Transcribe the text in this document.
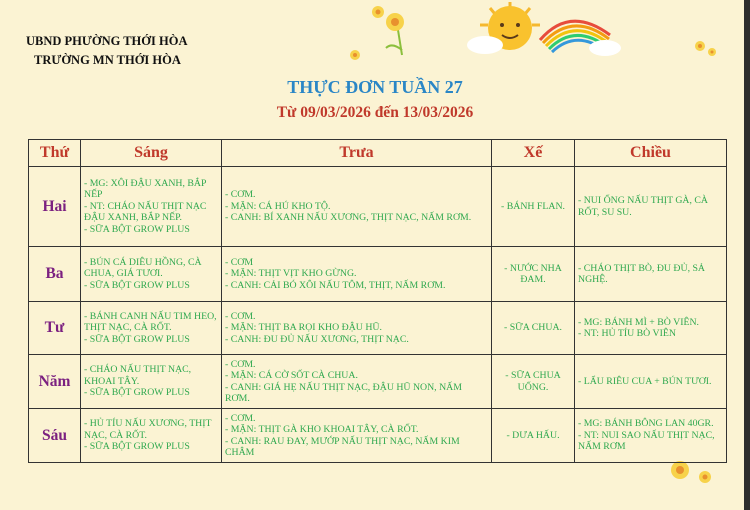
UBND PHƯỜNG THỚI HÒA
TRƯỜNG MN THỚI HÒA
THỰC ĐƠN TUẦN 27
Từ 09/03/2026 đến 13/03/2026
Thứ	Sáng	Trưa	Xế	Chiều
Hai	- MG: XÔI ĐẬU XANH, BẮP NẾP
- NT: CHÁO NẤU THỊT NẠC ĐẬU XANH, BẮP NẾP.
- SỮA BỘT GROW PLUS	- CƠM.
- MẶN: CÁ HÚ KHO TỘ.
- CANH: BÍ XANH NẤU XƯƠNG, THỊT NẠC, NẤM RƠM.	- BÁNH FLAN.	- NUI ỐNG NẤU THỊT GÀ, CÀ RỐT, SU SU.

Ba	- BÚN CÁ DIÊU HỒNG, CÀ CHUA, GIÁ TƯƠI.
- SỮA BỘT GROW PLUS	- CƠM
- MẶN: THỊT VỊT KHO GỪNG.
- CANH: CẢI BÓ XÔI NẤU TÔM, THỊT, NẤM RƠM.	- NƯỚC NHA ĐAM.	- CHÁO THỊT BÒ, ĐU ĐỦ, SẢ NGHỆ.

Tư	- BÁNH CANH NẤU TIM HEO, THỊT NẠC, CÀ RỐT.
- SỮA BỘT GROW PLUS	- CƠM.
- MẶN: THỊT BA RỌI KHO ĐẬU HŨ.
- CANH: ĐU ĐỦ NẤU XƯƠNG, THỊT NẠC.	- SỮA CHUA.	- MG: BÁNH MÌ + BÒ VIÊN.
- NT: HỦ TÍU BÒ VIÊN

Năm	- CHÁO NẤU THỊT NẠC, KHOAI TÂY.
- SỮA BỘT GROW PLUS	- CƠM.
- MẶN: CÁ CỜ SỐT CÀ CHUA.
- CANH: GIÁ HẸ NẤU THỊT NẠC, ĐẬU HŨ NON, NẤM RƠM.	- SỮA CHUA UỐNG.	- LẨU RIÊU CUA + BÚN TƯƠI.

Sáu	- HỦ TÍU NẤU XƯƠNG, THỊT NẠC, CÀ RỐT.
- SỮA BỘT GROW PLUS	- CƠM.
- MẶN: THỊT GÀ KHO KHOAI TÂY, CÀ RỐT.
- CANH: RAU ĐAY, MƯỚP NẤU THỊT NẠC, NẤM KIM CHÂM	- DƯA HẤU.	- MG: BÁNH BÔNG LAN 40GR.
- NT: NUI SAO NẤU THỊT NẠC, NẤM RƠM
